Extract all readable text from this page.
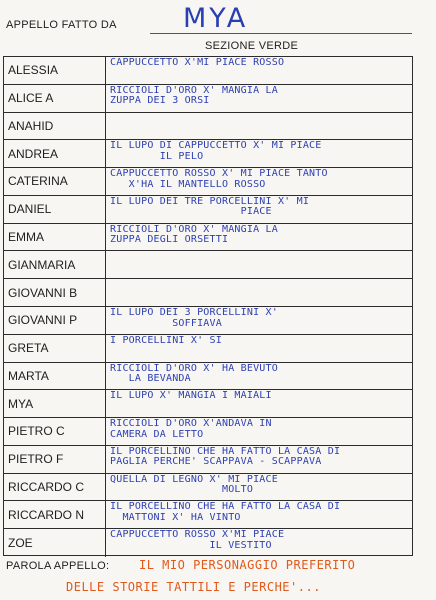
APPELLO FATTO DA MYA
SEZIONE VERDE
ALESSIA
CAPPUCCETTO X'MI PIACE ROSSO
ALICE A
RICCIOLI D'ORO X' MANGIA LA
ZUPPA DEI 3 ORSI
ANAHID
ANDREA
IL LUPO DI CAPPUCCETTO X' MI PIACE
IL PELO
CATERINA
CAPPUCCETTO ROSSO X' MI PIACE TANTO
X'HA IL MANTELLO ROSSO
DANIEL
IL LUPO DEI TRE PORCELLINI X' MI
PIACE
EMMA
RICCIOLI D'ORO X' MANGIA LA
ZUPPA DEGLI ORSETTI
GIANMARIA
GIOVANNI B
GIOVANNI P
IL LUPO DEI 3 PORCELLINI X'
SOFFIAVA
GRETA
I PORCELLINI X' SI
MARTA
RICCIOLI D'ORO X' HA BEVUTO
LA BEVANDA
MYA
IL LUPO X' MANGIA I MAIALI
PIETRO C
RICCIOLI D'ORO X'ANDAVA IN
CAMERA DA LETTO
PIETRO F
IL PORCELLINO CHE HA FATTO LA CASA DI
PAGLIA PERCHE' SCAPPAVA - SCAPPAVA
RICCARDO C
QUELLA DI LEGNO X' MI PIACE
MOLTO
RICCARDO N
IL PORCELLINO CHE HA FATTO LA CASA DI
MATTONI X' HA VINTO
ZOE
CAPPUCCETTO ROSSO X'MI PIACE
IL VESTITO
PAROLA APPELLO: IL MIO PERSONAGGIO PREFERITO
DELLE STORIE TATTILI E PERCHE'...
